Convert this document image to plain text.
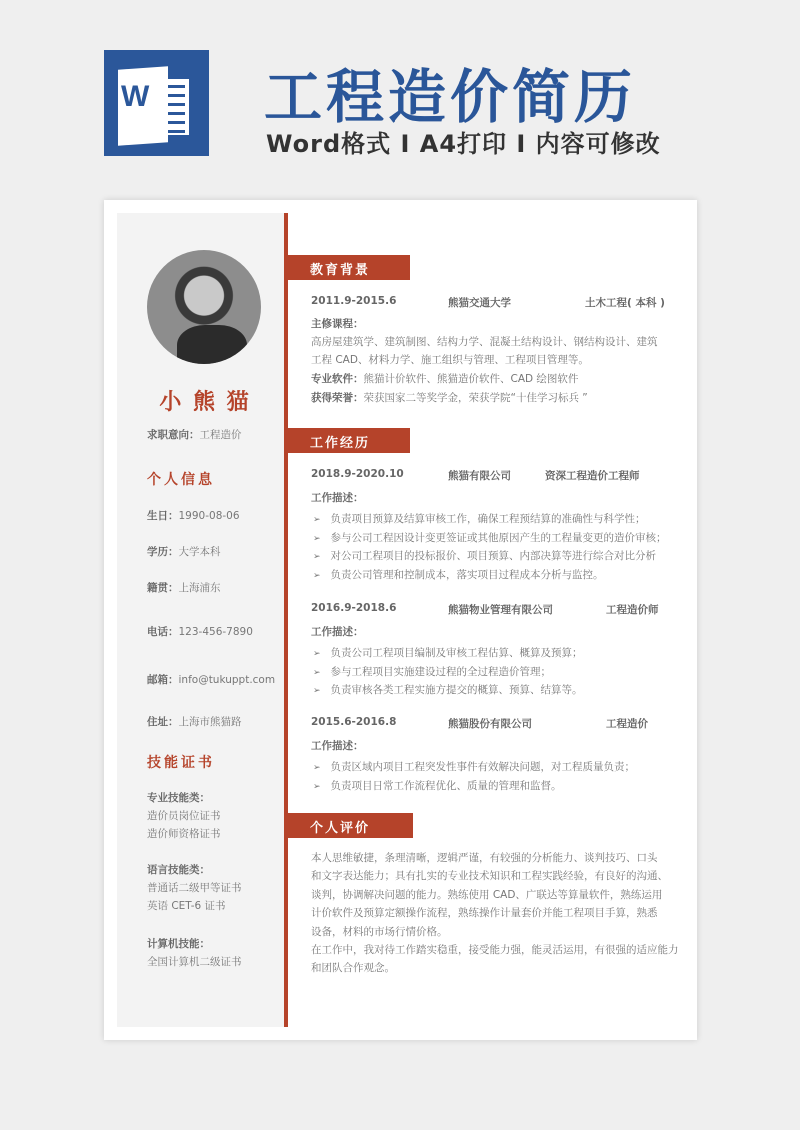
W 工程造价简历
Word格式 I A4打印 I 内容可修改
小 熊 猫
求职意向：工程造价
个人信息
技能证书
生日：1990-08-06
学历：大学本科
籍贯：上海浦东
电话：123-456-7890
邮箱：info@tukuppt.com
住址：上海市熊猫路
专业技能类：
造价员岗位证书
造价师资格证书
语言技能类：
普通话二级甲等证书
英语 CET-6 证书
计算机技能：
全国计算机二级证书
教育背景
工作经历
个人评价
2011.9-2015.6	熊猫交通大学	土木工程( 本科 )
主修课程：
高房屋建筑学、建筑制图、结构力学、混凝土结构设计、钢结构设计、建筑
工程 CAD、材料力学、施工组织与管理、工程项目管理等。
专业软件：熊猫计价软件、熊猫造价软件、CAD 绘图软件
获得荣誉：荣获国家二等奖学金，荣获学院“十佳学习标兵 ”
2018.9-2020.10	熊猫有限公司	资深工程造价工程师
工作描述：
➢ 负责项目预算及结算审核工作，确保工程预结算的准确性与科学性；
➢ 参与公司工程因设计变更签证或其他原因产生的工程量变更的造价审核；
➢ 对公司工程项目的投标报价、项目预算、内部决算等进行综合对比分析
➢ 负责公司管理和控制成本，落实项目过程成本分析与监控。
2016.9-2018.6	熊猫物业管理有限公司	工程造价师
工作描述：
➢ 负责公司工程项目编制及审核工程估算、概算及预算；
➢ 参与工程项目实施建设过程的全过程造价管理；
➢ 负责审核各类工程实施方提交的概算、预算、结算等。
2015.6-2016.8	熊猫股份有限公司	工程造价
工作描述：
➢ 负责区域内项目工程突发性事件有效解决问题，对工程质量负责；
➢ 负责项目日常工作流程优化、质量的管理和监督。
本人思维敏捷，条理清晰，逻辑严谨，有较强的分析能力、谈判技巧、口头
和文字表达能力；具有扎实的专业技术知识和工程实践经验，有良好的沟通、
谈判，协调解决问题的能力。熟练使用 CAD、广联达等算量软件，熟练运用
计价软件及预算定额操作流程，熟练操作计量套价并能工程项目手算，熟悉
设备，材料的市场行情价格。
在工作中，我对待工作踏实稳重，接受能力强，能灵活运用，有很强的适应能力
和团队合作观念。
